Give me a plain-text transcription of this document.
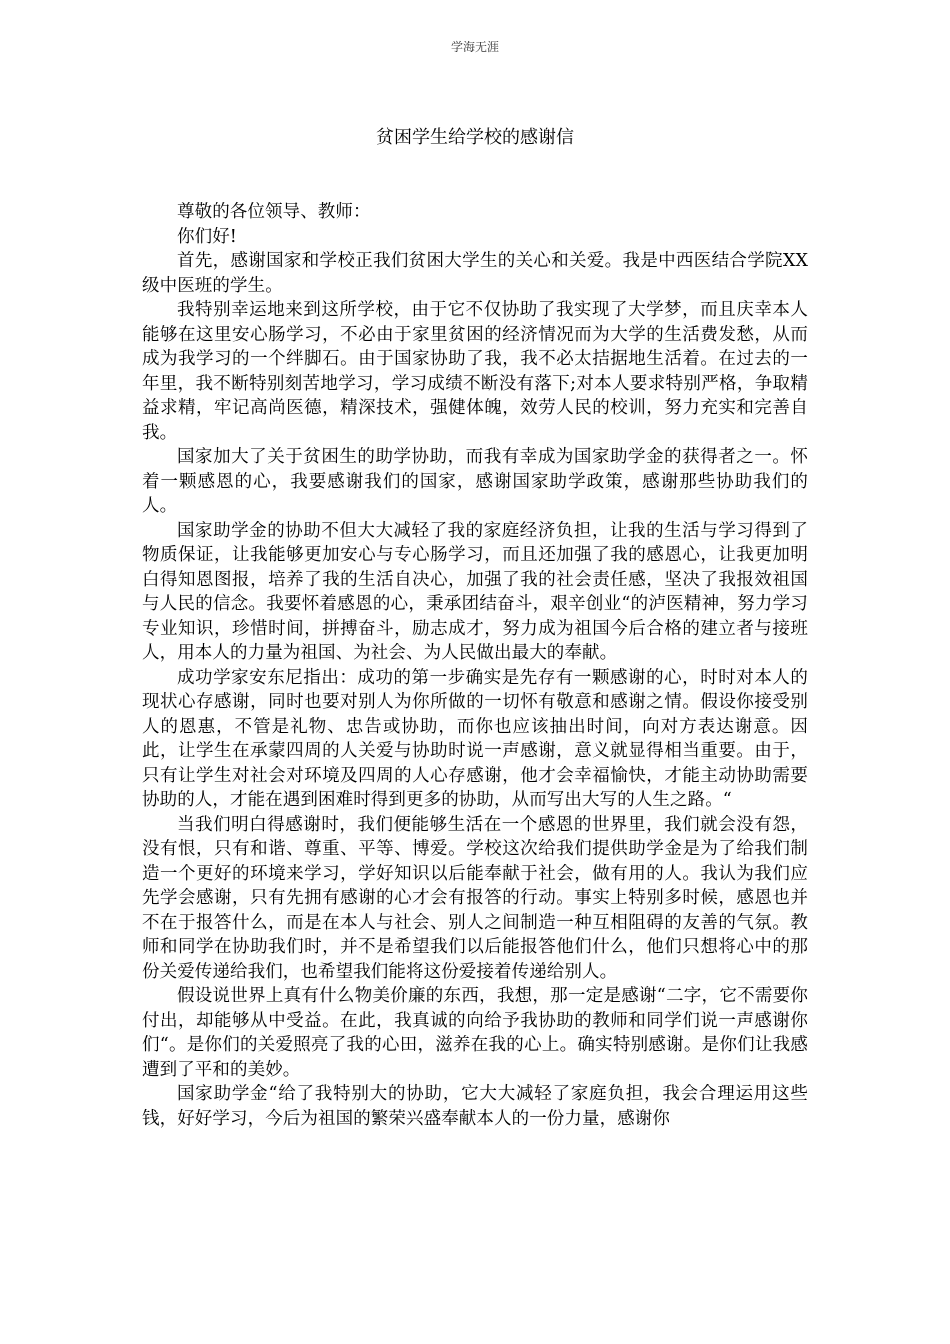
学海无涯
贫困学生给学校的感谢信

尊敬的各位领导、教师：

你们好!

首先，感谢国家和学校正我们贫困大学生的关心和关爱。我是中西医结合学院XX级中医班的学生。

我特别幸运地来到这所学校，由于它不仅协助了我实现了大学梦，而且庆幸本人能够在这里安心肠学习，不必由于家里贫困的经济情况而为大学的生活费发愁，从而成为我学习的一个绊脚石。由于国家协助了我，我不必太拮据地生活着。在过去的一年里，我不断特别刻苦地学习，学习成绩不断没有落下;对本人要求特别严格，争取精益求精，牢记高尚医德，精深技术，强健体魄，效劳人民的校训，努力充实和完善自我。

国家加大了关于贫困生的助学协助，而我有幸成为国家助学金的获得者之一。怀着一颗感恩的心，我要感谢我们的国家，感谢国家助学政策，感谢那些协助我们的人。

国家助学金的协助不但大大减轻了我的家庭经济负担，让我的生活与学习得到了物质保证，让我能够更加安心与专心肠学习，而且还加强了我的感恩心，让我更加明白得知恩图报，培养了我的生活自决心，加强了我的社会责任感，坚决了我报效祖国与人民的信念。我要怀着感恩的心，秉承团结奋斗，艰辛创业“的泸医精神，努力学习专业知识，珍惜时间，拼搏奋斗，励志成才，努力成为祖国今后合格的建立者与接班人，用本人的力量为祖国、为社会、为人民做出最大的奉献。

成功学家安东尼指出：成功的第一步确实是先存有一颗感谢的心，时时对本人的现状心存感谢，同时也要对别人为你所做的一切怀有敬意和感谢之情。假设你接受别人的恩惠，不管是礼物、忠告或协助，而你也应该抽出时间，向对方表达谢意。因此，让学生在承蒙四周的人关爱与协助时说一声感谢，意义就显得相当重要。由于，只有让学生对社会对环境及四周的人心存感谢，他才会幸福愉快，才能主动协助需要协助的人，才能在遇到困难时得到更多的协助，从而写出大写的人生之路。“

当我们明白得感谢时，我们便能够生活在一个感恩的世界里，我们就会没有怨，没有恨，只有和谐、尊重、平等、博爱。学校这次给我们提供助学金是为了给我们制造一个更好的环境来学习，学好知识以后能奉献于社会，做有用的人。我认为我们应先学会感谢，只有先拥有感谢的心才会有报答的行动。事实上特别多时候，感恩也并不在于报答什么，而是在本人与社会、别人之间制造一种互相阻碍的友善的气氛。教师和同学在协助我们时，并不是希望我们以后能报答他们什么，他们只想将心中的那份关爱传递给我们，也希望我们能将这份爱接着传递给别人。

假设说世界上真有什么物美价廉的东西，我想，那一定是感谢“二字，它不需要你付出，却能够从中受益。在此，我真诚的向给予我协助的教师和同学们说一声感谢你们“。是你们的关爱照亮了我的心田，滋养在我的心上。确实特别感谢。是你们让我感遭到了平和的美妙。

国家助学金“给了我特别大的协助，它大大减轻了家庭负担，我会合理运用这些钱，好好学习，今后为祖国的繁荣兴盛奉献本人的一份力量，感谢你
